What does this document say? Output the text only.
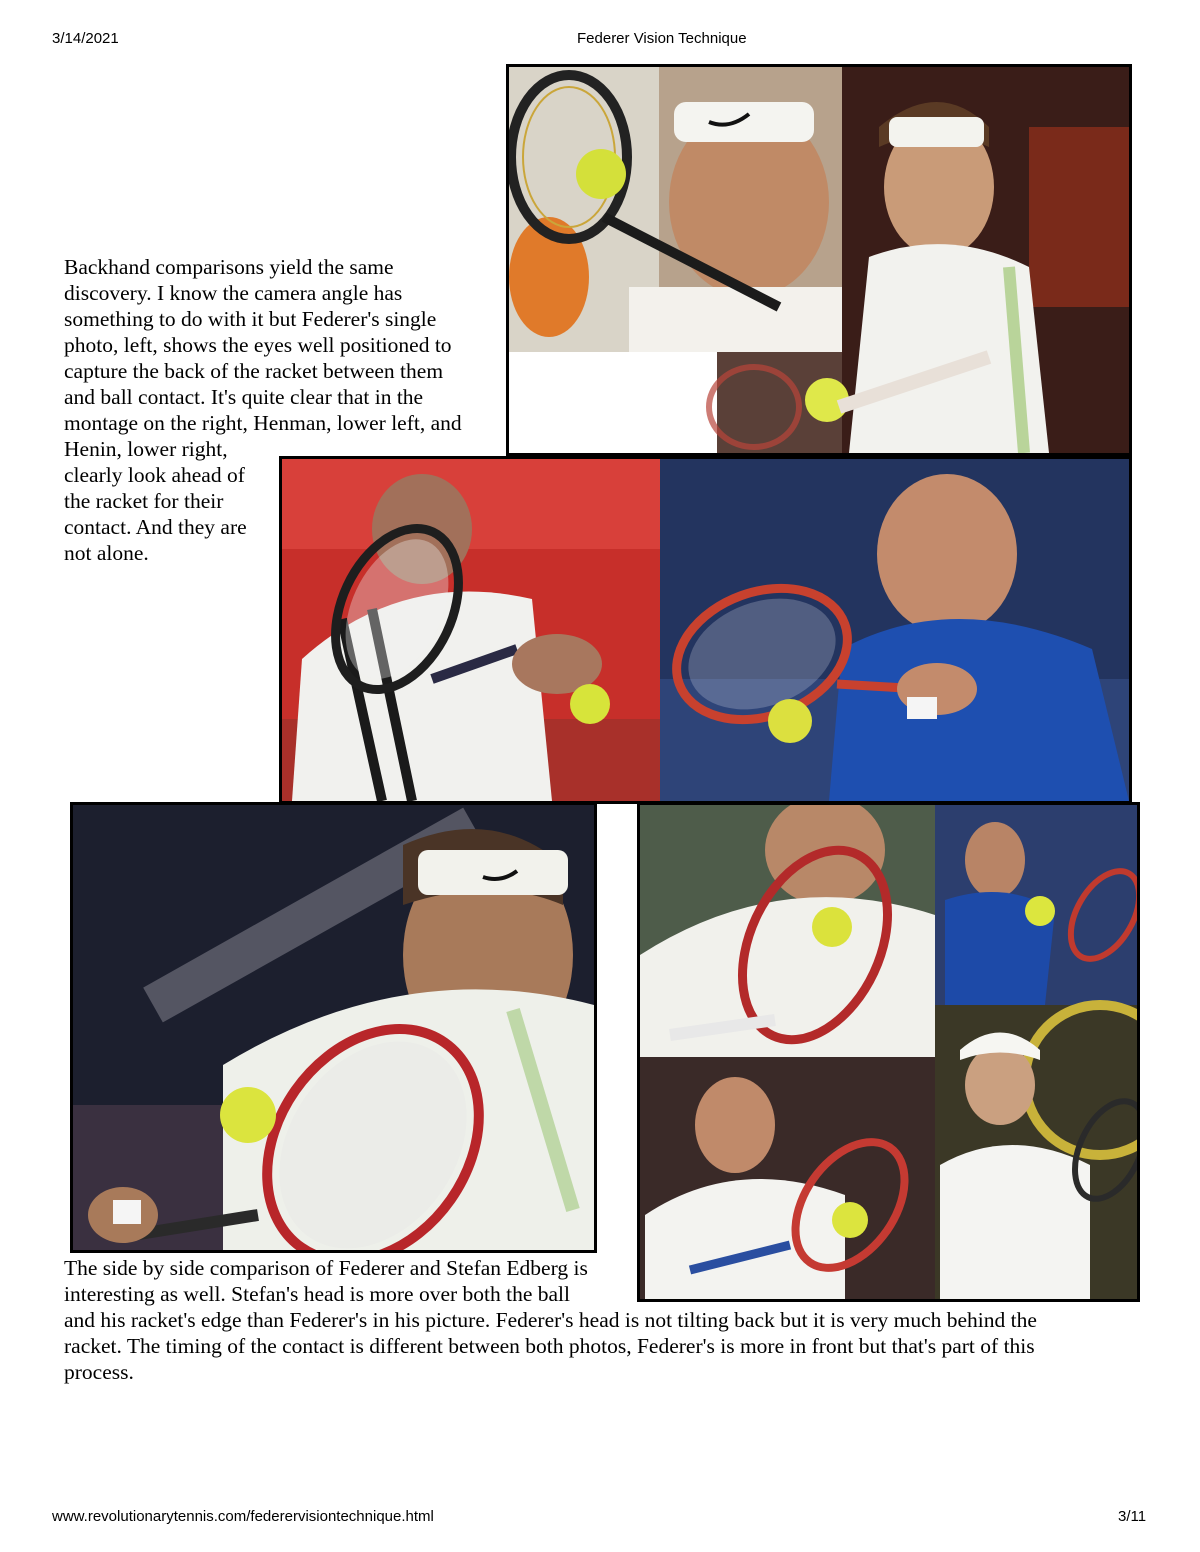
3/14/2021	Federer Vision Technique
Backhand comparisons yield the same
discovery. I know the camera angle has
something to do with it but Federer's single
photo, left, shows the eyes well positioned to
capture the back of the racket between them
and ball contact. It's quite clear that in the
montage on the right, Henman, lower left, and
Henin, lower right,
clearly look ahead of
the racket for their
contact. And they are
not alone.
The side by side comparison of Federer and Stefan Edberg is
interesting as well. Stefan's head is more over both the ball
and his racket's edge than Federer's in his picture. Federer's head is not tilting back but it is very much behind the
racket. The timing of the contact is different between both photos, Federer's is more in front but that's part of this
process.
www.revolutionarytennis.com/federervisiontechnique.html	3/11
